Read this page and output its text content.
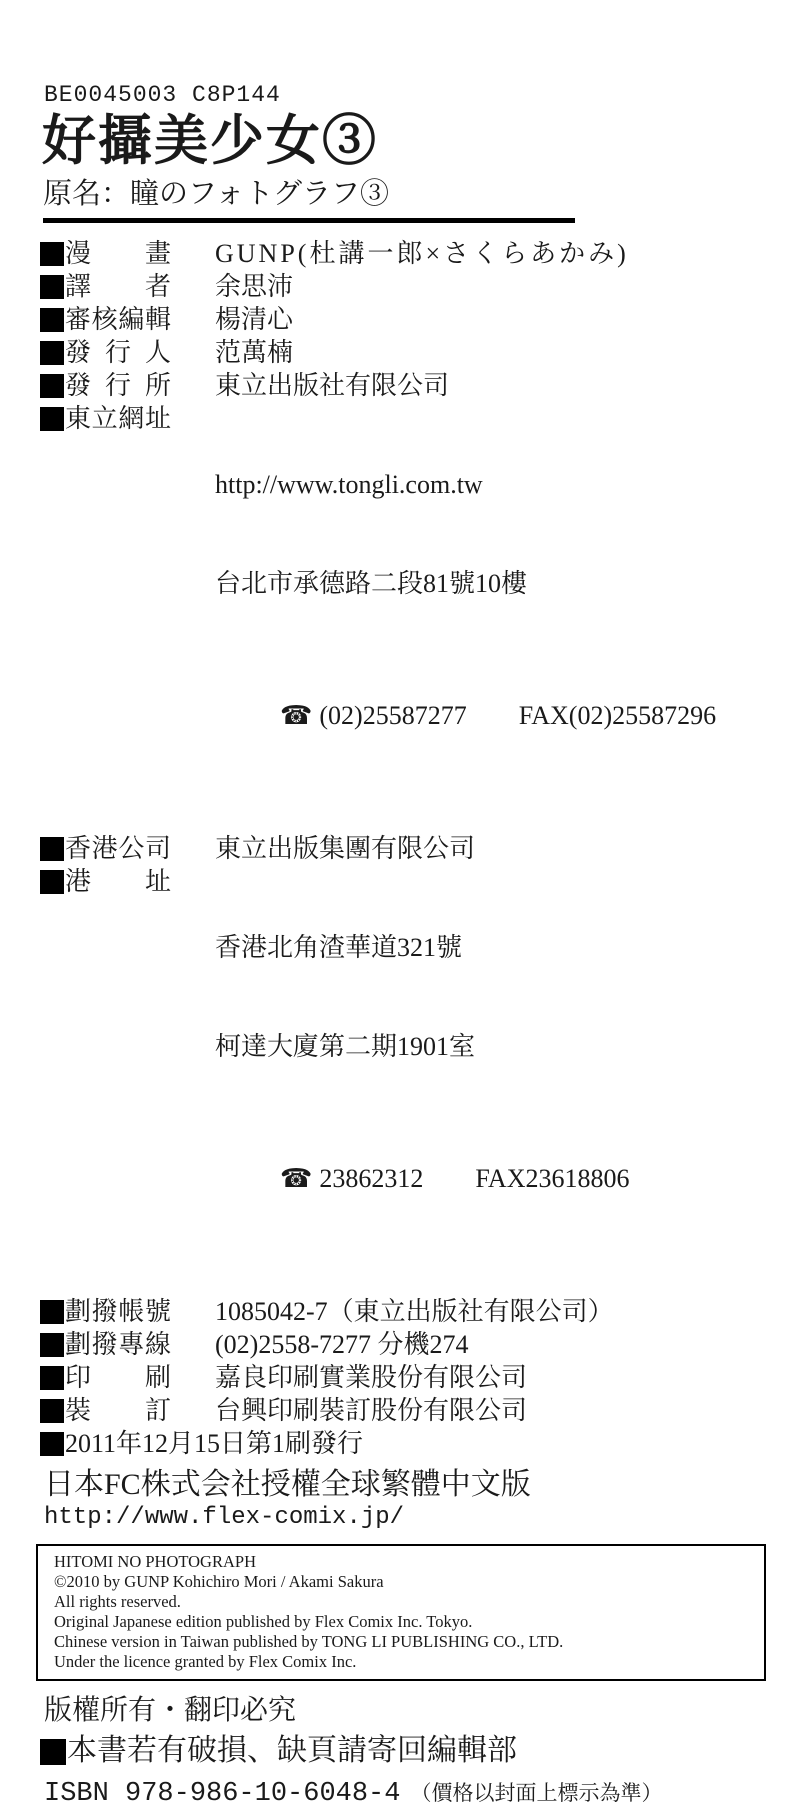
BE0045003 C8P144
好攝美少女③
原名：瞳のフォトグラフ③
漫畫 GUNP(杜講一郎×さくらあかみ)
譯者 余思沛
審核編輯 楊清心
發行人 范萬楠
發行所 東立出版社有限公司
東立網址

http://www.tongli.com.tw

台北市承德路二段81號10樓

☎ (02)25587277 FAX(02)25587296

香港公司 東立出版集團有限公司
港址

香港北角渣華道321號

柯達大廈第二期1901室

☎ 23862312 FAX23618806

劃撥帳號 1085042-7（東立出版社有限公司）
劃撥專線 (02)2558-7277 分機274
印刷 嘉良印刷實業股份有限公司
裝訂 台興印刷裝訂股份有限公司
2011年12月15日第1刷發行
日本FC株式会社授權全球繁體中文版
http://www.flex-comix.jp/
HITOMI NO PHOTOGRAPH
©2010 by GUNP Kohichiro Mori / Akami Sakura
All rights reserved.
Original Japanese edition published by Flex Comix Inc. Tokyo.
Chinese version in Taiwan published by TONG LI PUBLISHING CO., LTD.
Under the licence granted by Flex Comix Inc.
版權所有・翻印必究
本書若有破損、缺頁請寄回編輯部
ISBN 978-986-10-6048-4 （價格以封面上標示為準）
